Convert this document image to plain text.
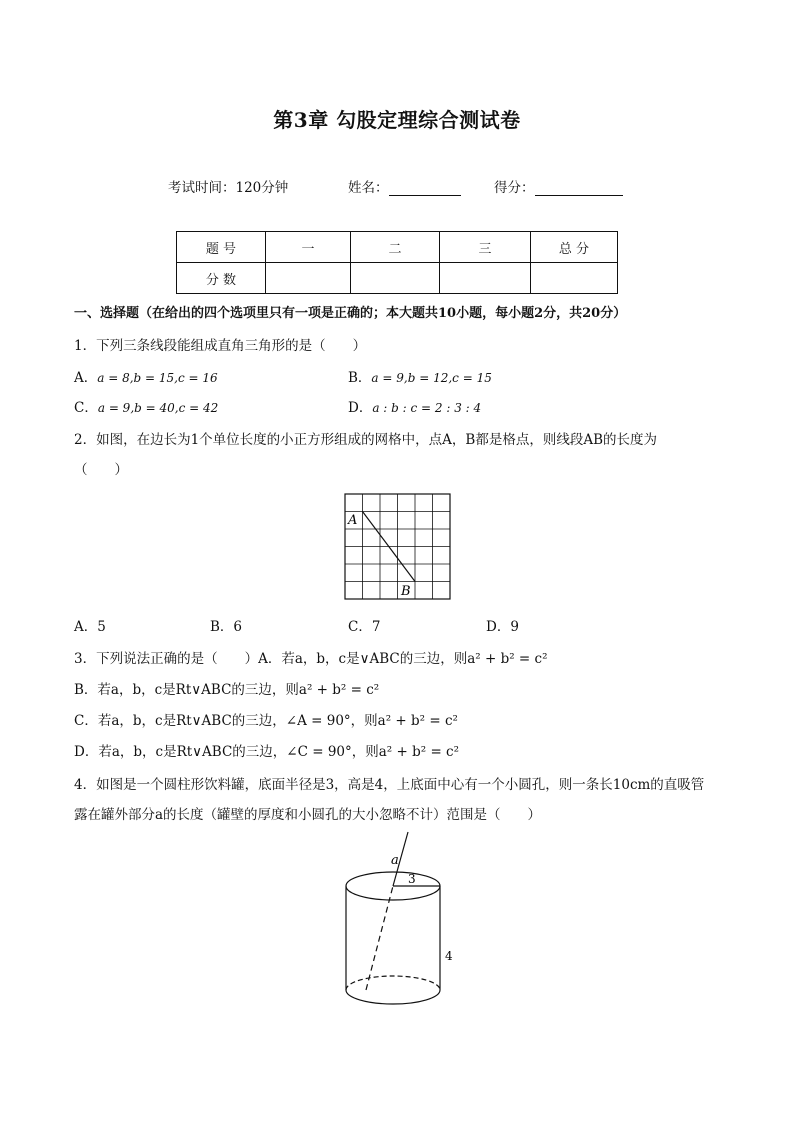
第3章 勾股定理综合测试卷
考试时间：120分钟	姓名：	得分：
题 号	一	二	三	总 分
分 数				
一、选择题（在给出的四个选项里只有一项是正确的；本大题共10小题，每小题2分，共20分）
1．下列三条线段能组成直角三角形的是（　　）
A．a = 8,b = 15,c = 16	B．a = 9,b = 12,c = 15
C．a = 9,b = 40,c = 42	D．a : b : c = 2 : 3 : 4
2．如图，在边长为1个单位长度的小正方形组成的网格中，点A，B都是格点，则线段AB的长度为
（　　）
A
B
A．5	B．6	C．7	D．9
3．下列说法正确的是（　　）A．若a，b，c是∨ABC的三边，则a² + b² = c²
B．若a，b，c是Rt∨ABC的三边，则a² + b² = c²
C．若a，b，c是Rt∨ABC的三边，∠A = 90°，则a² + b² = c²
D．若a，b，c是Rt∨ABC的三边，∠C = 90°，则a² + b² = c²
4．如图是一个圆柱形饮料罐，底面半径是3，高是4，上底面中心有一个小圆孔，则一条长10cm的直吸管
露在罐外部分a的长度（罐壁的厚度和小圆孔的大小忽略不计）范围是（　　）
a
3
4
